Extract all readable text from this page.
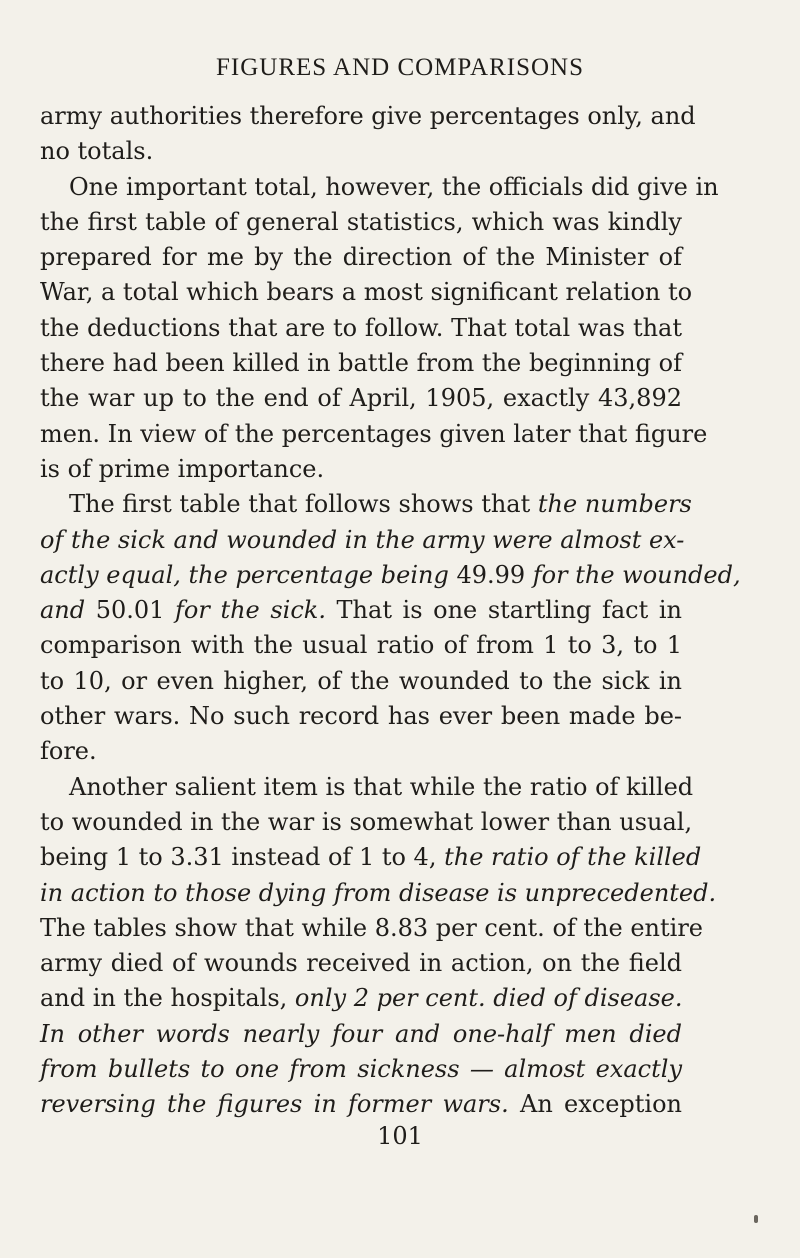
FIGURES AND COMPARISONS
army authorities therefore give percentages only, and
no totals.
One important total, however, the officials did give in
the first table of general statistics, which was kindly
prepared for me by the direction of the Minister of
War, a total which bears a most significant relation to
the deductions that are to follow. That total was that
there had been killed in battle from the beginning of
the war up to the end of April, 1905, exactly 43,892
men. In view of the percentages given later that figure
is of prime importance.
The first table that follows shows that the numbers
of the sick and wounded in the army were almost ex-
actly equal, the percentage being 49.99 for the wounded,
and 50.01 for the sick. That is one startling fact in
comparison with the usual ratio of from 1 to 3, to 1
to 10, or even higher, of the wounded to the sick in
other wars. No such record has ever been made be-
fore.
Another salient item is that while the ratio of killed
to wounded in the war is somewhat lower than usual,
being 1 to 3.31 instead of 1 to 4, the ratio of the killed
in action to those dying from disease is unprecedented.
The tables show that while 8.83 per cent. of the entire
army died of wounds received in action, on the field
and in the hospitals, only 2 per cent. died of disease.
In other words nearly four and one-half men died
from bullets to one from sickness — almost exactly
reversing the figures in former wars. An exception
101
